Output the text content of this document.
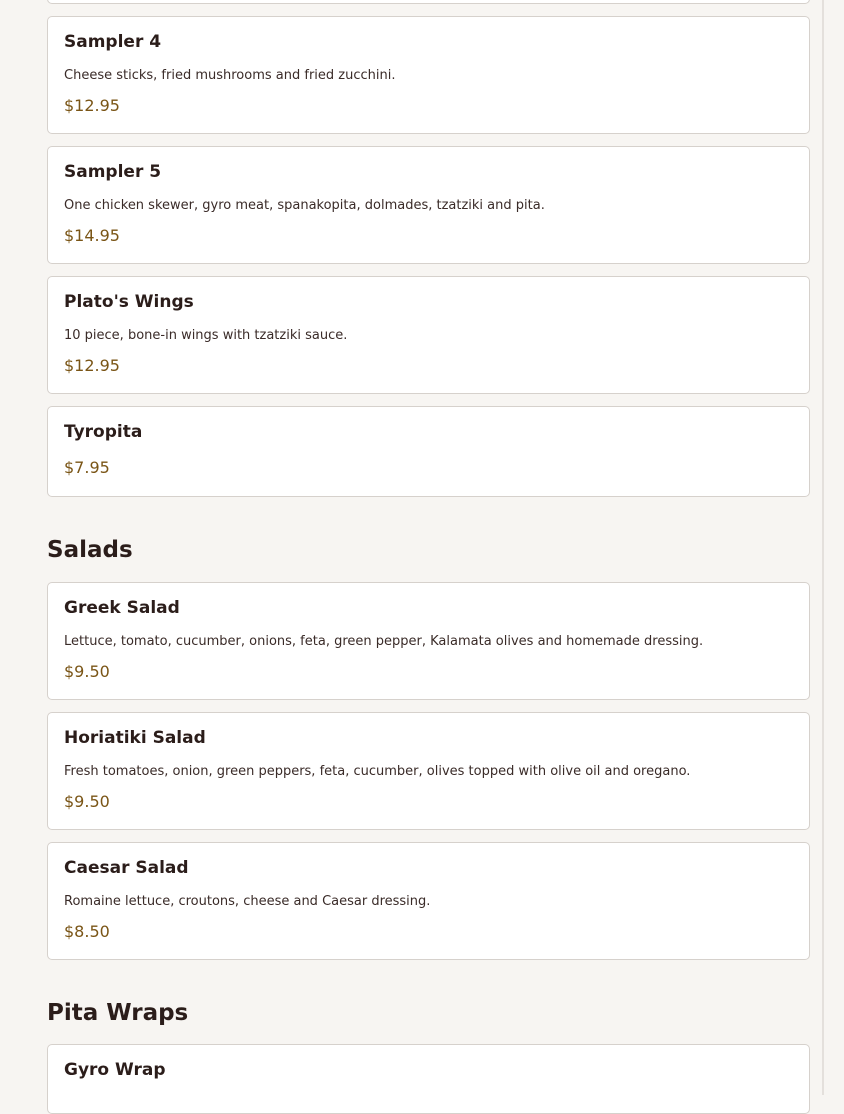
Sampler 4
Cheese sticks, fried mushrooms and fried zucchini.
$12.95
Sampler 5
One chicken skewer, gyro meat, spanakopita, dolmades, tzatziki and pita.
$14.95
Plato's Wings
10 piece, bone-in wings with tzatziki sauce.
$12.95
Tyropita
$7.95
Salads
Greek Salad
Lettuce, tomato, cucumber, onions, feta, green pepper, Kalamata olives and homemade dressing.
$9.50
Horiatiki Salad
Fresh tomatoes, onion, green peppers, feta, cucumber, olives topped with olive oil and oregano.
$9.50
Caesar Salad
Romaine lettuce, croutons, cheese and Caesar dressing.
$8.50
Pita Wraps
Gyro Wrap
